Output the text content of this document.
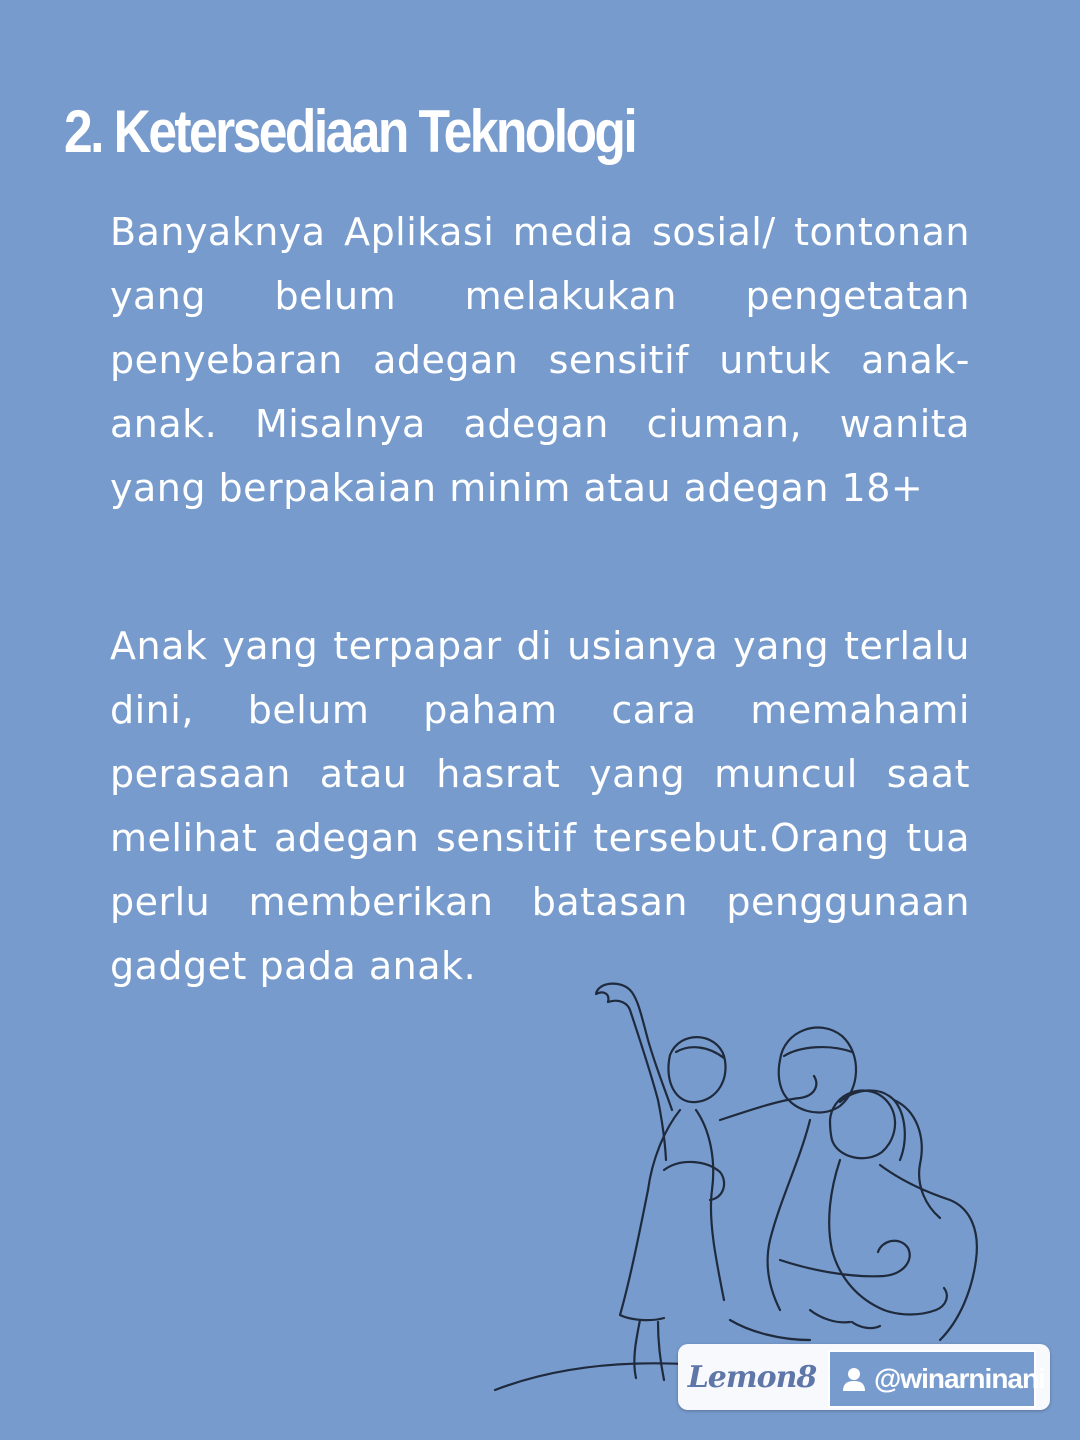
2. Ketersediaan Teknologi

Banyaknya Aplikasi media sosial/ tontonan yang belum melakukan pengetatan penyebaran adegan sensitif untuk anak-anak. Misalnya adegan ciuman, wanita yang berpakaian minim atau adegan 18+

Anak yang terpapar di usianya yang terlalu dini, belum paham cara memahami perasaan atau hasrat yang muncul saat melihat adegan sensitif tersebut.Orang tua perlu memberikan batasan penggunaan gadget pada anak.

Lemon8	@winarninani
